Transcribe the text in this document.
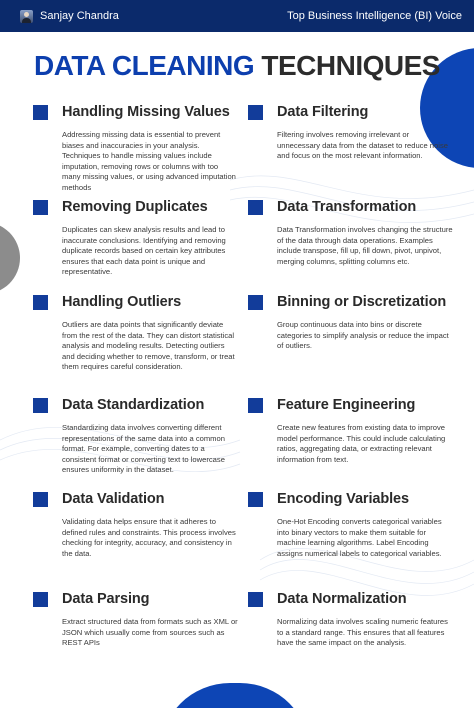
Sanjay Chandra	Top Business Intelligence (BI) Voice
DATA CLEANING TECHNIQUES
Handling Missing Values

Addressing missing data is essential to prevent biases and inaccuracies in your analysis. Techniques to handle missing values include imputation, removing rows or columns with too many missing values, or using advanced imputation methods

Data Filtering

Filtering involves removing irrelevant or unnecessary data from the dataset to reduce noise and focus on the most relevant information.

Removing Duplicates

Duplicates can skew analysis results and lead to inaccurate conclusions. Identifying and removing duplicate records based on certain key attributes ensures that each data point is unique and representative.

Data Transformation

Data Transformation involves changing the structure of the data through data operations. Examples include transpose, fill up, fill down, pivot, unpivot, merging columns, splitting columns etc.

Handling Outliers

Outliers are data points that significantly deviate from the rest of the data. They can distort statistical analysis and modeling results. Detecting outliers and deciding whether to remove, transform, or treat them requires careful consideration.

Binning or Discretization

Group continuous data into bins or discrete categories to simplify analysis or reduce the impact of outliers.

Data Standardization

Standardizing data involves converting different representations of the same data into a common format. For example, converting dates to a consistent format or converting text to lowercase ensures uniformity in the dataset.

Feature Engineering

Create new features from existing data to improve model performance. This could include calculating ratios, aggregating data, or extracting relevant information from text.

Data Validation

Validating data helps ensure that it adheres to defined rules and constraints. This process involves checking for integrity, accuracy, and consistency in the data.

Encoding Variables

One-Hot Encoding converts categorical variables into binary vectors to make them suitable for machine learning algorithms. Label Encoding assigns numerical labels to categorical variables.

Data Parsing

Extract structured data from formats such as XML or JSON which usually come from sources such as REST APIs

Data Normalization

Normalizing data involves scaling numeric features to a standard range. This ensures that all features have the same impact on the analysis.
